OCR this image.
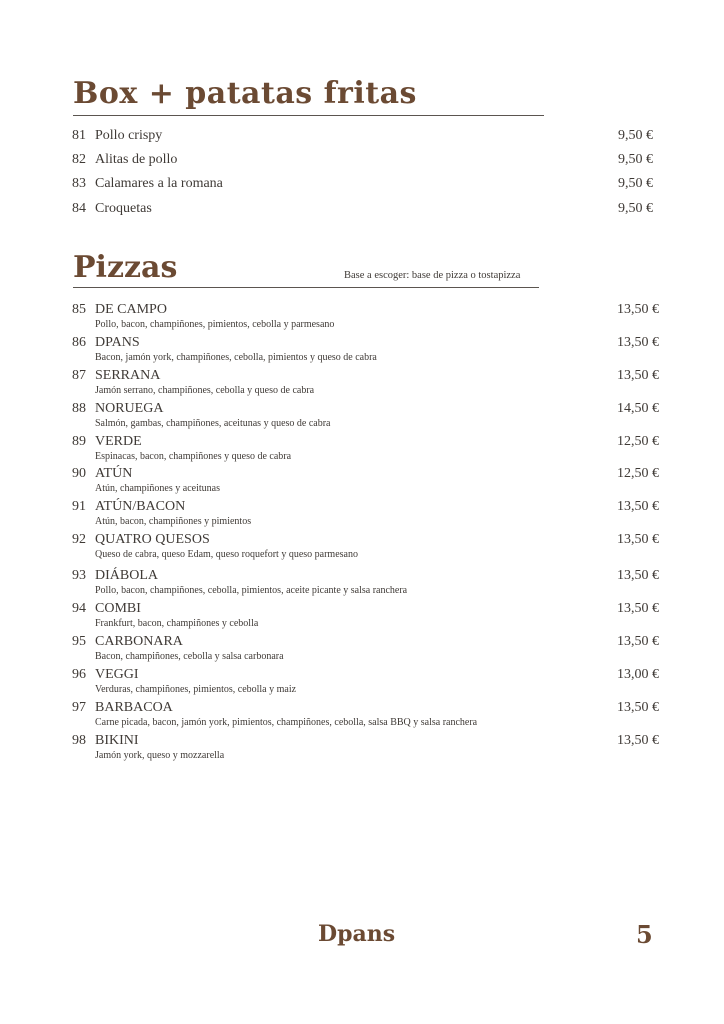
Box + patatas fritas
81 Pollo crispy	9,50 €
82 Alitas de pollo	9,50 €
83 Calamares a la romana	9,50 €
84 Croquetas	9,50 €
Pizzas	Base a escoger: base de pizza o tostapizza
85 DE CAMPO	13,50 €
Pollo, bacon, champiñones, pimientos, cebolla y parmesano
86 DPANS	13,50 €
Bacon, jamón york, champiñones, cebolla, pimientos y queso de cabra
87 SERRANA	13,50 €
Jamón serrano, champiñones, cebolla y queso de cabra
88 NORUEGA	14,50 €
Salmón, gambas, champiñones, aceitunas y queso de cabra
89 VERDE	12,50 €
Espinacas, bacon, champiñones y queso de cabra
90 ATÚN	12,50 €
Atún, champiñones y aceitunas
91 ATÚN/BACON	13,50 €
Atún, bacon, champiñones y pimientos
92 QUATRO QUESOS	13,50 €
Queso de cabra, queso Edam, queso roquefort y queso parmesano
93 DIÁBOLA	13,50 €
Pollo, bacon, champiñones, cebolla, pimientos, aceite picante y salsa ranchera
94 COMBI	13,50 €
Frankfurt, bacon, champiñones y cebolla
95 CARBONARA	13,50 €
Bacon, champiñones, cebolla y salsa carbonara
96 VEGGI	13,00 €
Verduras, champiñones, pimientos, cebolla y maiz
97 BARBACOA	13,50 €
Carne picada, bacon, jamón york, pimientos, champiñones, cebolla, salsa BBQ y salsa ranchera
98 BIKINI	13,50 €
Jamón york, queso y mozzarella
Dpans	5
